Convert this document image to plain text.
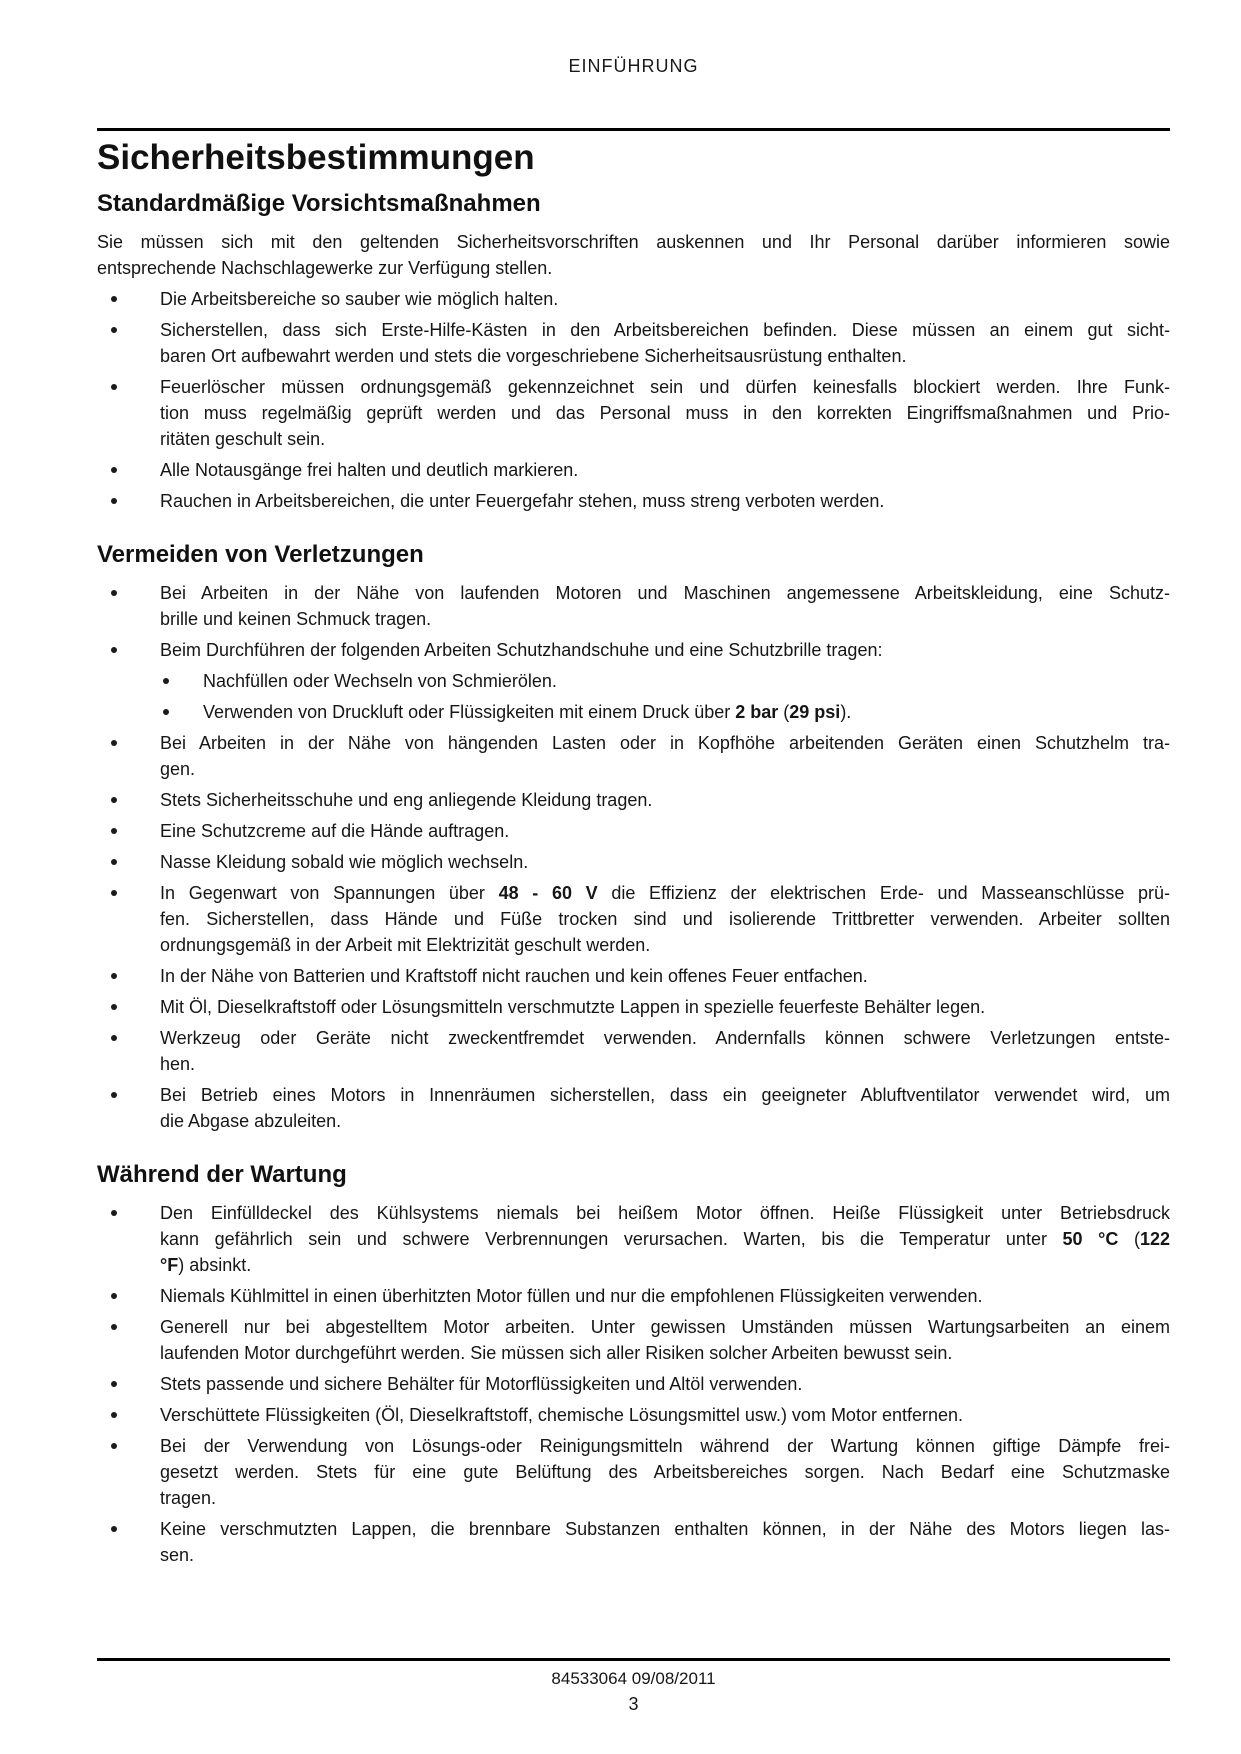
EINFÜHRUNG
Sicherheitsbestimmungen
Standardmäßige Vorsichtsmaßnahmen
Sie müssen sich mit den geltenden Sicherheitsvorschriften auskennen und Ihr Personal darüber informieren sowie
entsprechende Nachschlagewerke zur Verfügung stellen.
Die Arbeitsbereiche so sauber wie möglich halten.
Sicherstellen, dass sich Erste-Hilfe-Kästen in den Arbeitsbereichen befinden. Diese müssen an einem gut sicht-
baren Ort aufbewahrt werden und stets die vorgeschriebene Sicherheitsausrüstung enthalten.
Feuerlöscher müssen ordnungsgemäß gekennzeichnet sein und dürfen keinesfalls blockiert werden. Ihre Funk-
tion muss regelmäßig geprüft werden und das Personal muss in den korrekten Eingriffsmaßnahmen und Prio-
ritäten geschult sein.
Alle Notausgänge frei halten und deutlich markieren.
Rauchen in Arbeitsbereichen, die unter Feuergefahr stehen, muss streng verboten werden.
Vermeiden von Verletzungen
Bei Arbeiten in der Nähe von laufenden Motoren und Maschinen angemessene Arbeitskleidung, eine Schutz-
brille und keinen Schmuck tragen.
Beim Durchführen der folgenden Arbeiten Schutzhandschuhe und eine Schutzbrille tragen:
Nachfüllen oder Wechseln von Schmierölen.
Verwenden von Druckluft oder Flüssigkeiten mit einem Druck über 2 bar (29 psi).
Bei Arbeiten in der Nähe von hängenden Lasten oder in Kopfhöhe arbeitenden Geräten einen Schutzhelm tra-
gen.
Stets Sicherheitsschuhe und eng anliegende Kleidung tragen.
Eine Schutzcreme auf die Hände auftragen.
Nasse Kleidung sobald wie möglich wechseln.
In Gegenwart von Spannungen über 48 - 60 V die Effizienz der elektrischen Erde- und Masseanschlüsse prü-
fen. Sicherstellen, dass Hände und Füße trocken sind und isolierende Trittbretter verwenden. Arbeiter sollten
ordnungsgemäß in der Arbeit mit Elektrizität geschult werden.
In der Nähe von Batterien und Kraftstoff nicht rauchen und kein offenes Feuer entfachen.
Mit Öl, Dieselkraftstoff oder Lösungsmitteln verschmutzte Lappen in spezielle feuerfeste Behälter legen.
Werkzeug oder Geräte nicht zweckentfremdet verwenden. Andernfalls können schwere Verletzungen entste-
hen.
Bei Betrieb eines Motors in Innenräumen sicherstellen, dass ein geeigneter Abluftventilator verwendet wird, um
die Abgase abzuleiten.
Während der Wartung
Den Einfülldeckel des Kühlsystems niemals bei heißem Motor öffnen. Heiße Flüssigkeit unter Betriebsdruck
kann gefährlich sein und schwere Verbrennungen verursachen. Warten, bis die Temperatur unter 50 °C (122
°F) absinkt.
Niemals Kühlmittel in einen überhitzten Motor füllen und nur die empfohlenen Flüssigkeiten verwenden.
Generell nur bei abgestelltem Motor arbeiten. Unter gewissen Umständen müssen Wartungsarbeiten an einem
laufenden Motor durchgeführt werden. Sie müssen sich aller Risiken solcher Arbeiten bewusst sein.
Stets passende und sichere Behälter für Motorflüssigkeiten und Altöl verwenden.
Verschüttete Flüssigkeiten (Öl, Dieselkraftstoff, chemische Lösungsmittel usw.) vom Motor entfernen.
Bei der Verwendung von Lösungs-oder Reinigungsmitteln während der Wartung können giftige Dämpfe frei-
gesetzt werden. Stets für eine gute Belüftung des Arbeitsbereiches sorgen. Nach Bedarf eine Schutzmaske
tragen.
Keine verschmutzten Lappen, die brennbare Substanzen enthalten können, in der Nähe des Motors liegen las-
sen.
84533064 09/08/2011
3
